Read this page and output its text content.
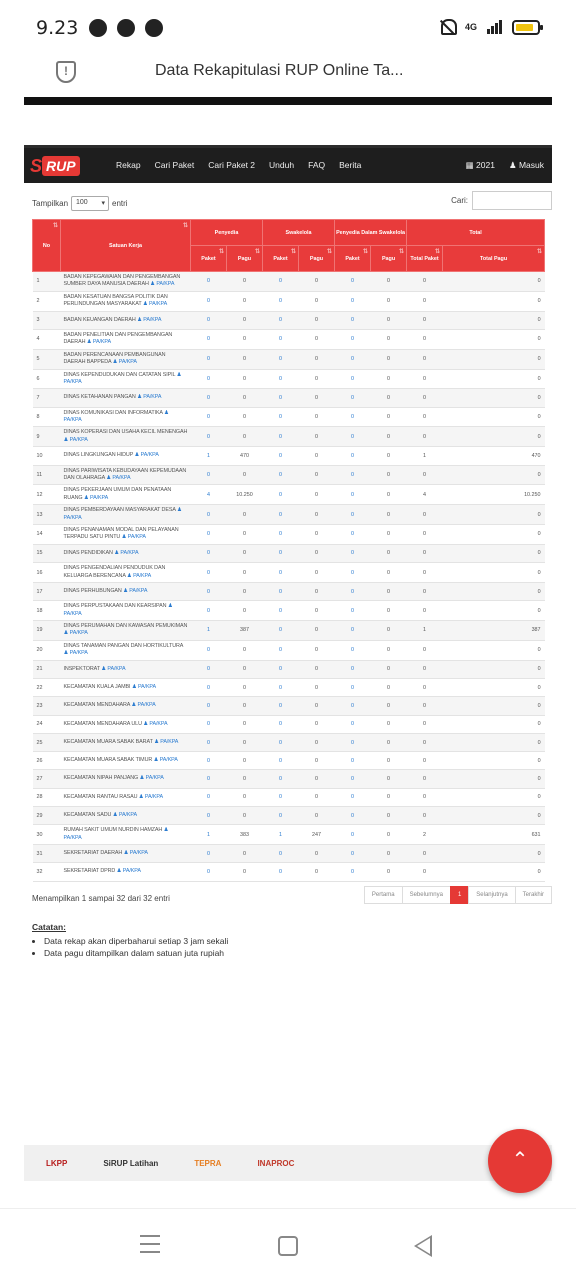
9.23	4G
!
Data Rekapitulasi RUP Online Ta...
S RUP	Rekap Cari Paket Cari Paket 2 Unduh FAQ Berita	▦ 2021 ♟ Masuk
Tampilkan	100 ▾	entri	Cari:
No ⇅	Satuan Kerja ⇅	Penyedia		Swakelola		Penyedia Dalam Swakelola		Total	
		Paket ⇅	Pagu ⇅	Paket ⇅	Pagu ⇅	Paket ⇅	Pagu ⇅	Total Paket ⇅	Total Pagu ⇅
1	BADAN KEPEGAWAIAN DAN PENGEMBANGAN SUMBER DAYA MANUSIA DAERAH ♟ PA/KPA	0	0	0	0	0	0	0	0
2	BADAN KESATUAN BANGSA POLITIK DAN PERLINDUNGAN MASYARAKAT ♟ PA/KPA	0	0	0	0	0	0	0	0
3	BADAN KEUANGAN DAERAH ♟ PA/KPA	0	0	0	0	0	0	0	0
4	BADAN PENELITIAN DAN PENGEMBANGAN DAERAH ♟ PA/KPA	0	0	0	0	0	0	0	0
5	BADAN PERENCANAAN PEMBANGUNAN DAERAH BAPPEDA ♟ PA/KPA	0	0	0	0	0	0	0	0
6	DINAS KEPENDUDUKAN DAN CATATAN SIPIL ♟ PA/KPA	0	0	0	0	0	0	0	0
7	DINAS KETAHANAN PANGAN ♟ PA/KPA	0	0	0	0	0	0	0	0
8	DINAS KOMUNIKASI DAN INFORMATIKA ♟ PA/KPA	0	0	0	0	0	0	0	0
9	DINAS KOPERASI DAN USAHA KECIL MENENGAH ♟ PA/KPA	0	0	0	0	0	0	0	0
10	DINAS LINGKUNGAN HIDUP ♟ PA/KPA	1	470	0	0	0	0	1	470
11	DINAS PARIWISATA KEBUDAYAAN KEPEMUDAAN DAN OLAHRAGA ♟ PA/KPA	0	0	0	0	0	0	0	0
12	DINAS PEKERJAAN UMUM DAN PENATAAN RUANG ♟ PA/KPA	4	10.250	0	0	0	0	4	10.250
13	DINAS PEMBERDAYAAN MASYARAKAT DESA ♟ PA/KPA	0	0	0	0	0	0	0	0
14	DINAS PENANAMAN MODAL DAN PELAYANAN TERPADU SATU PINTU ♟ PA/KPA	0	0	0	0	0	0	0	0
15	DINAS PENDIDIKAN ♟ PA/KPA	0	0	0	0	0	0	0	0
16	DINAS PENGENDALIAN PENDUDUK DAN KELUARGA BERENCANA ♟ PA/KPA	0	0	0	0	0	0	0	0
17	DINAS PERHUBUNGAN ♟ PA/KPA	0	0	0	0	0	0	0	0
18	DINAS PERPUSTAKAAN DAN KEARSIPAN ♟ PA/KPA	0	0	0	0	0	0	0	0
19	DINAS PERUMAHAN DAN KAWASAN PEMUKIMAN ♟ PA/KPA	1	387	0	0	0	0	1	387
20	DINAS TANAMAN PANGAN DAN HORTIKULTURA ♟ PA/KPA	0	0	0	0	0	0	0	0
21	INSPEKTORAT ♟ PA/KPA	0	0	0	0	0	0	0	0
22	KECAMATAN KUALA JAMBI ♟ PA/KPA	0	0	0	0	0	0	0	0
23	KECAMATAN MENDAHARA ♟ PA/KPA	0	0	0	0	0	0	0	0
24	KECAMATAN MENDAHARA ULU ♟ PA/KPA	0	0	0	0	0	0	0	0
25	KECAMATAN MUARA SABAK BARAT ♟ PA/KPA	0	0	0	0	0	0	0	0
26	KECAMATAN MUARA SABAK TIMUR ♟ PA/KPA	0	0	0	0	0	0	0	0
27	KECAMATAN NIPAH PANJANG ♟ PA/KPA	0	0	0	0	0	0	0	0
28	KECAMATAN RANTAU RASAU ♟ PA/KPA	0	0	0	0	0	0	0	0
29	KECAMATAN SADU ♟ PA/KPA	0	0	0	0	0	0	0	0
30	RUMAH SAKIT UMUM NURDIN HAMZAH ♟ PA/KPA	1	383	1	247	0	0	2	631
31	SEKRETARIAT DAERAH ♟ PA/KPA	0	0	0	0	0	0	0	0
32	SEKRETARIAT DPRD ♟ PA/KPA	0	0	0	0	0	0	0	0
Menampilkan 1 sampai 32 dari 32 entri	Pertama	Sebelumnya	1	Selanjutnya	Terakhir
Catatan:
• Data rekap akan diperbaharui setiap 3 jam sekali
• Data pagu ditampilkan dalam satuan juta rupiah
LKPP	SiRUP Latihan	TEPRA	INAPROC	⌃
